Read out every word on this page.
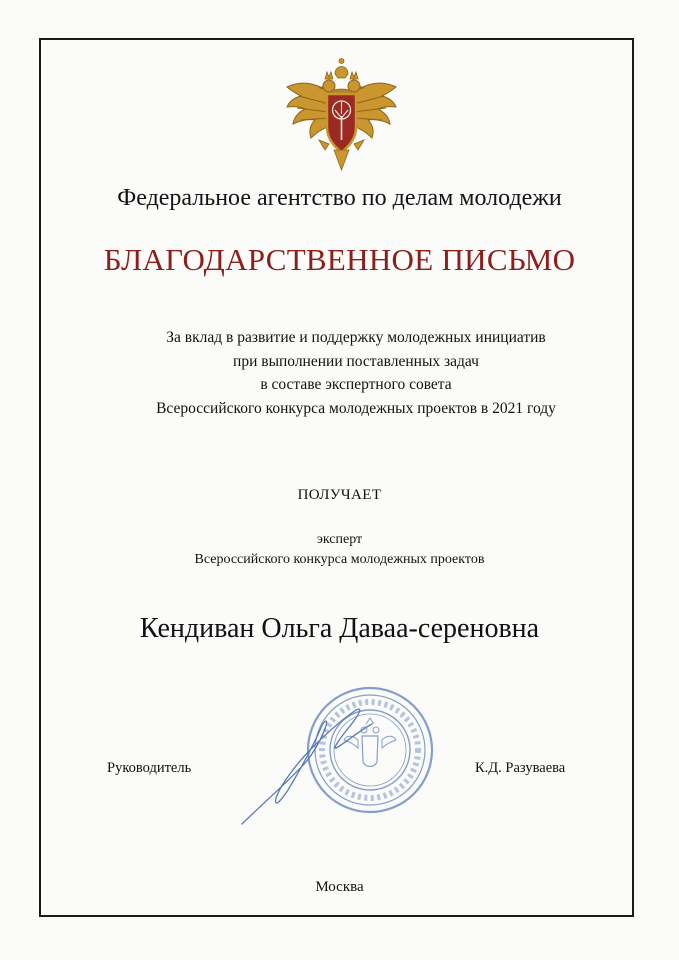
Федеральное агентство по делам молодежи
БЛАГОДАРСТВЕННОЕ ПИСЬМО
За вклад в развитие и поддержку молодежных инициатив
при выполнении поставленных задач
в составе экспертного совета
Всероссийского конкурса молодежных проектов в 2021 году
ПОЛУЧАЕТ
эксперт
Всероссийского конкурса молодежных проектов
Кендиван Ольга Даваа-сереновна
Руководитель	К.Д. Разуваева
Москва
